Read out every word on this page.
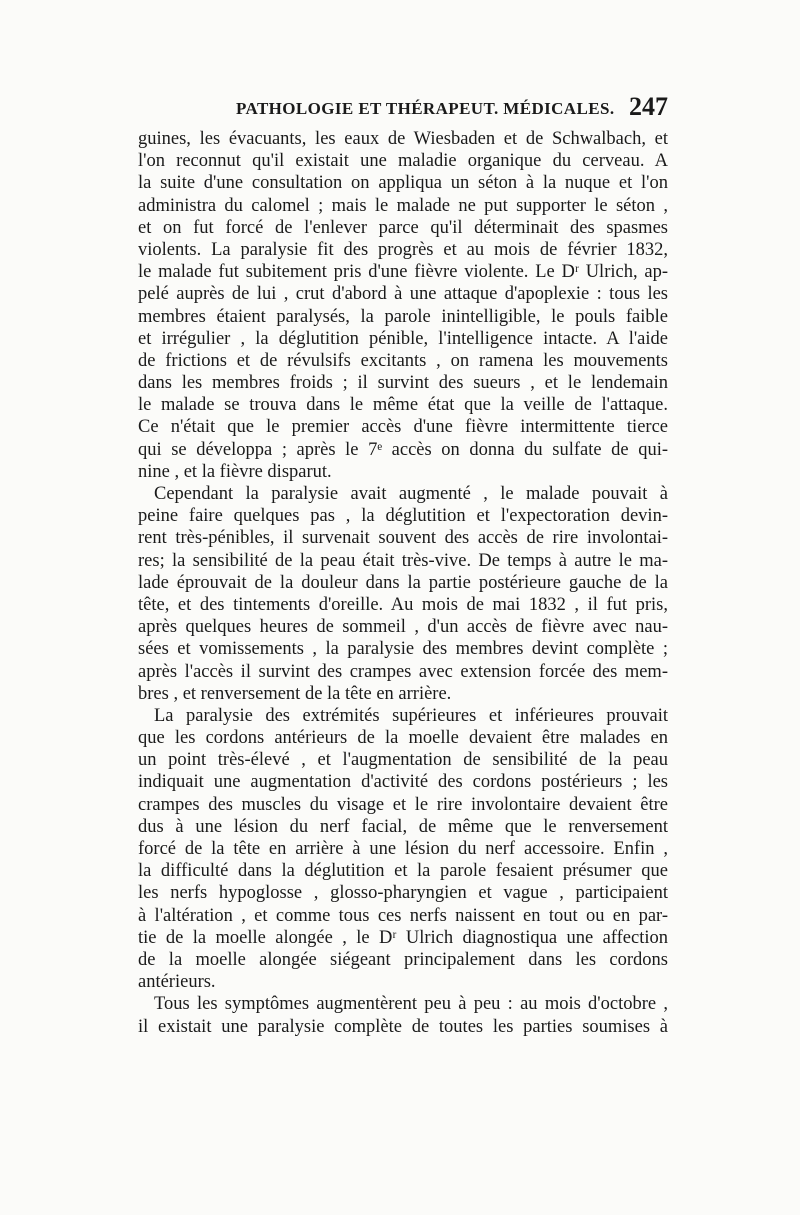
PATHOLOGIE ET THÉRAPEUT. MÉDICALES. 247
guines, les évacuants, les eaux de Wiesbaden et de Schwalbach, et
l'on reconnut qu'il existait une maladie organique du cerveau. A
la suite d'une consultation on appliqua un séton à la nuque et l'on
administra du calomel ; mais le malade ne put supporter le séton ,
et on fut forcé de l'enlever parce qu'il déterminait des spasmes
violents. La paralysie fit des progrès et au mois de février 1832,
le malade fut subitement pris d'une fièvre violente. Le Dʳ Ulrich, ap-
pelé auprès de lui , crut d'abord à une attaque d'apoplexie : tous les
membres étaient paralysés, la parole inintelligible, le pouls faible
et irrégulier , la déglutition pénible, l'intelligence intacte. A l'aide
de frictions et de révulsifs excitants , on ramena les mouvements
dans les membres froids ; il survint des sueurs , et le lendemain
le malade se trouva dans le même état que la veille de l'attaque.
Ce n'était que le premier accès d'une fièvre intermittente tierce
qui se développa ; après le 7ᵉ accès on donna du sulfate de qui-
nine , et la fièvre disparut.
Cependant la paralysie avait augmenté , le malade pouvait à
peine faire quelques pas , la déglutition et l'expectoration devin-
rent très-pénibles, il survenait souvent des accès de rire involontai-
res; la sensibilité de la peau était très-vive. De temps à autre le ma-
lade éprouvait de la douleur dans la partie postérieure gauche de la
tête, et des tintements d'oreille. Au mois de mai 1832 , il fut pris,
après quelques heures de sommeil , d'un accès de fièvre avec nau-
sées et vomissements , la paralysie des membres devint complète ;
après l'accès il survint des crampes avec extension forcée des mem-
bres , et renversement de la tête en arrière.
La paralysie des extrémités supérieures et inférieures prouvait
que les cordons antérieurs de la moelle devaient être malades en
un point très-élevé , et l'augmentation de sensibilité de la peau
indiquait une augmentation d'activité des cordons postérieurs ; les
crampes des muscles du visage et le rire involontaire devaient être
dus à une lésion du nerf facial, de même que le renversement
forcé de la tête en arrière à une lésion du nerf accessoire. Enfin ,
la difficulté dans la déglutition et la parole fesaient présumer que
les nerfs hypoglosse , glosso-pharyngien et vague , participaient
à l'altération , et comme tous ces nerfs naissent en tout ou en par-
tie de la moelle alongée , le Dʳ Ulrich diagnostiqua une affection
de la moelle alongée siégeant principalement dans les cordons
antérieurs.
Tous les symptômes augmentèrent peu à peu : au mois d'octobre ,
il existait une paralysie complète de toutes les parties soumises à
